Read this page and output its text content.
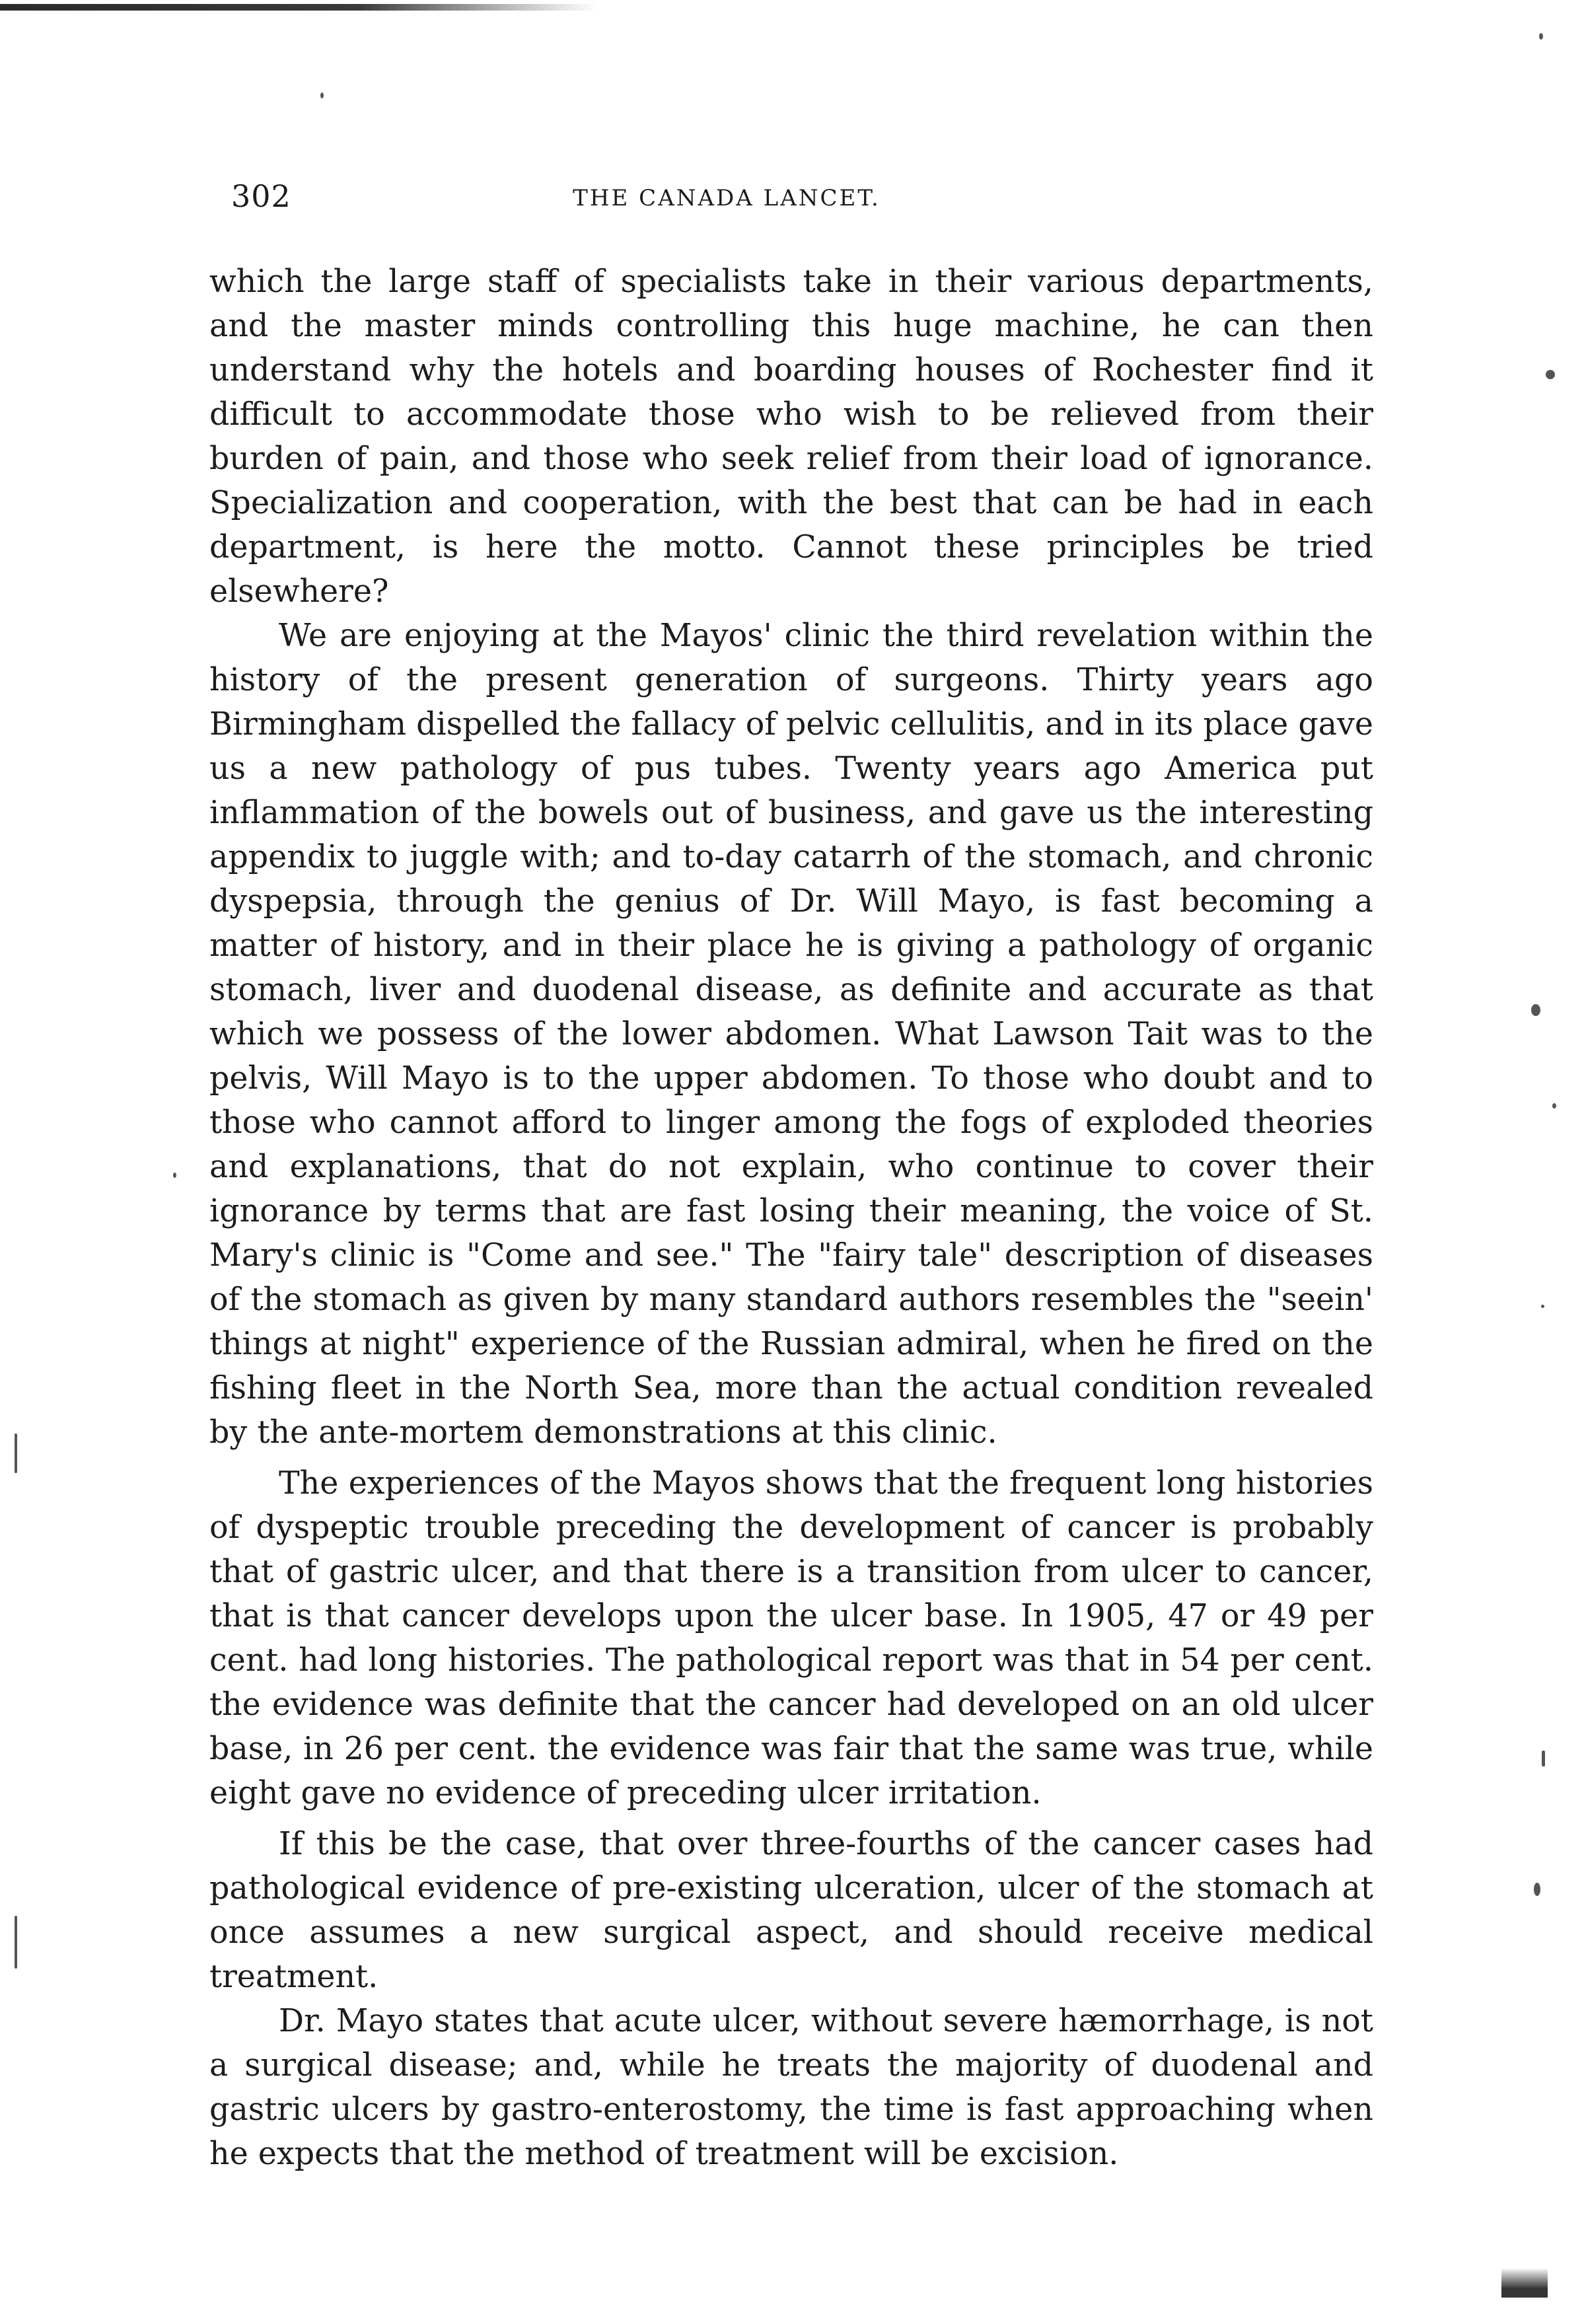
302	THE CANADA LANCET.

which the large staff of specialists take in their various departments, and the master minds controlling this huge machine, he can then understand why the hotels and boarding houses of Rochester find it difficult to accommodate those who wish to be relieved from their burden of pain, and those who seek relief from their load of ignorance. Specialization and cooperation, with the best that can be had in each department, is here the motto. Cannot these principles be tried elsewhere?

We are enjoying at the Mayos' clinic the third revelation within the history of the present generation of surgeons. Thirty years ago Birmingham dispelled the fallacy of pelvic cellulitis, and in its place gave us a new pathology of pus tubes. Twenty years ago America put inflammation of the bowels out of business, and gave us the interesting appendix to juggle with; and to-day catarrh of the stomach, and chronic dyspepsia, through the genius of Dr. Will Mayo, is fast becoming a matter of history, and in their place he is giving a pathology of organic stomach, liver and duodenal disease, as definite and accurate as that which we possess of the lower abdomen. What Lawson Tait was to the pelvis, Will Mayo is to the upper abdomen. To those who doubt and to those who cannot afford to linger among the fogs of exploded theories and explanations, that do not explain, who continue to cover their ignorance by terms that are fast losing their meaning, the voice of St. Mary's clinic is "Come and see." The "fairy tale" description of diseases of the stomach as given by many standard authors resembles the "seein' things at night" experience of the Russian admiral, when he fired on the fishing fleet in the North Sea, more than the actual condition revealed by the ante-mortem demonstrations at this clinic.

The experiences of the Mayos shows that the frequent long histories of dyspeptic trouble preceding the development of cancer is probably that of gastric ulcer, and that there is a transition from ulcer to cancer, that is that cancer develops upon the ulcer base. In 1905, 47 or 49 per cent. had long histories. The pathological report was that in 54 per cent. the evidence was definite that the cancer had developed on an old ulcer base, in 26 per cent. the evidence was fair that the same was true, while eight gave no evidence of preceding ulcer irritation.

If this be the case, that over three-fourths of the cancer cases had pathological evidence of pre-existing ulceration, ulcer of the stomach at once assumes a new surgical aspect, and should receive medical treatment.

Dr. Mayo states that acute ulcer, without severe hæmorrhage, is not a surgical disease; and, while he treats the majority of duodenal and gastric ulcers by gastro-enterostomy, the time is fast approaching when he expects that the method of treatment will be excision.
